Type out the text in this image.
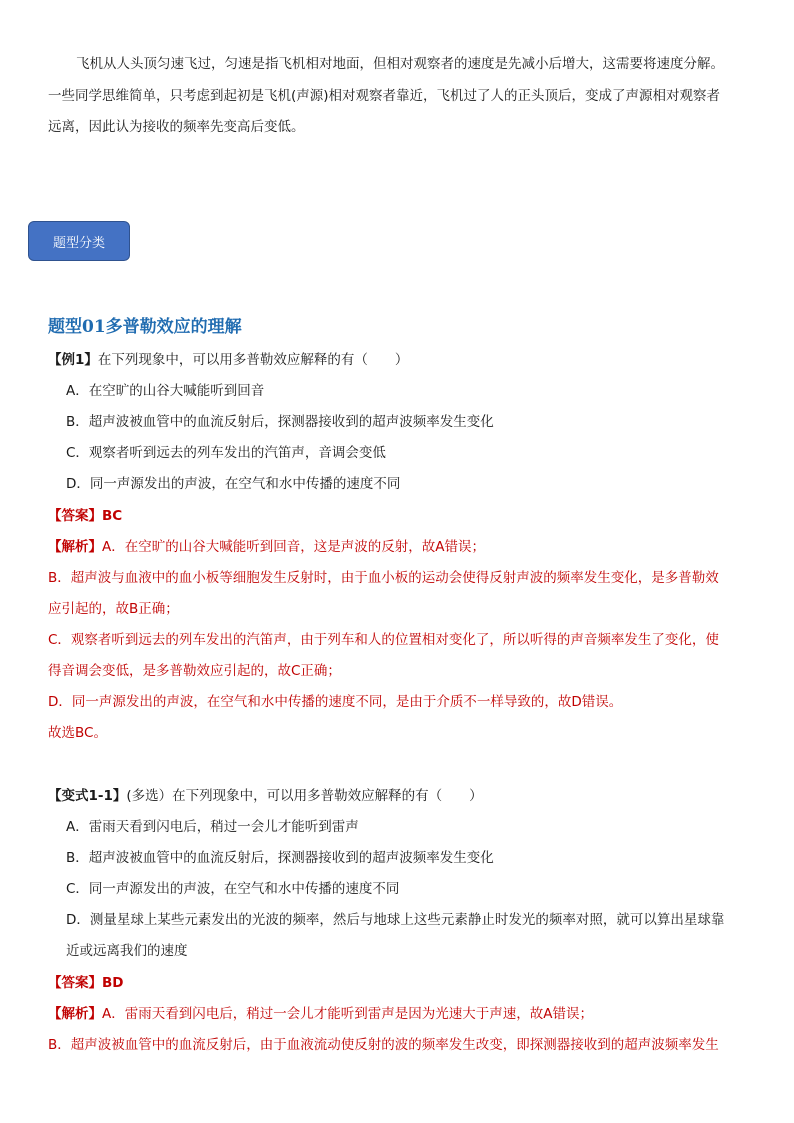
飞机从人头顶匀速飞过，匀速是指飞机相对地面，但相对观察者的速度是先减小后增大，这需要将速度分解。
一些同学思维简单，只考虑到起初是飞机(声源)相对观察者靠近，飞机过了人的正头顶后，变成了声源相对观察者
远离，因此认为接收的频率先变高后变低。
题型分类
题型01多普勒效应的理解
【例1】在下列现象中，可以用多普勒效应解释的有（　　）
A．在空旷的山谷大喊能听到回音
B．超声波被血管中的血流反射后，探测器接收到的超声波频率发生变化
C．观察者听到远去的列车发出的汽笛声，音调会变低
D．同一声源发出的声波，在空气和水中传播的速度不同
【答案】BC
【解析】A．在空旷的山谷大喊能听到回音，这是声波的反射，故A错误；
B．超声波与血液中的血小板等细胞发生反射时，由于血小板的运动会使得反射声波的频率发生变化，是多普勒效
应引起的，故B正确；
C．观察者听到远去的列车发出的汽笛声，由于列车和人的位置相对变化了，所以听得的声音频率发生了变化，使
得音调会变低，是多普勒效应引起的，故C正确；
D．同一声源发出的声波，在空气和水中传播的速度不同，是由于介质不一样导致的，故D错误。
故选BC。
【变式1-1】(多选）在下列现象中，可以用多普勒效应解释的有（　　）
A．雷雨天看到闪电后，稍过一会儿才能听到雷声
B．超声波被血管中的血流反射后，探测器接收到的超声波频率发生变化
C．同一声源发出的声波，在空气和水中传播的速度不同
D．测量星球上某些元素发出的光波的频率，然后与地球上这些元素静止时发光的频率对照，就可以算出星球靠
近或远离我们的速度
【答案】BD
【解析】A．雷雨天看到闪电后，稍过一会儿才能听到雷声是因为光速大于声速，故A错误；
B．超声波被血管中的血流反射后，由于血液流动使反射的波的频率发生改变，即探测器接收到的超声波频率发生
